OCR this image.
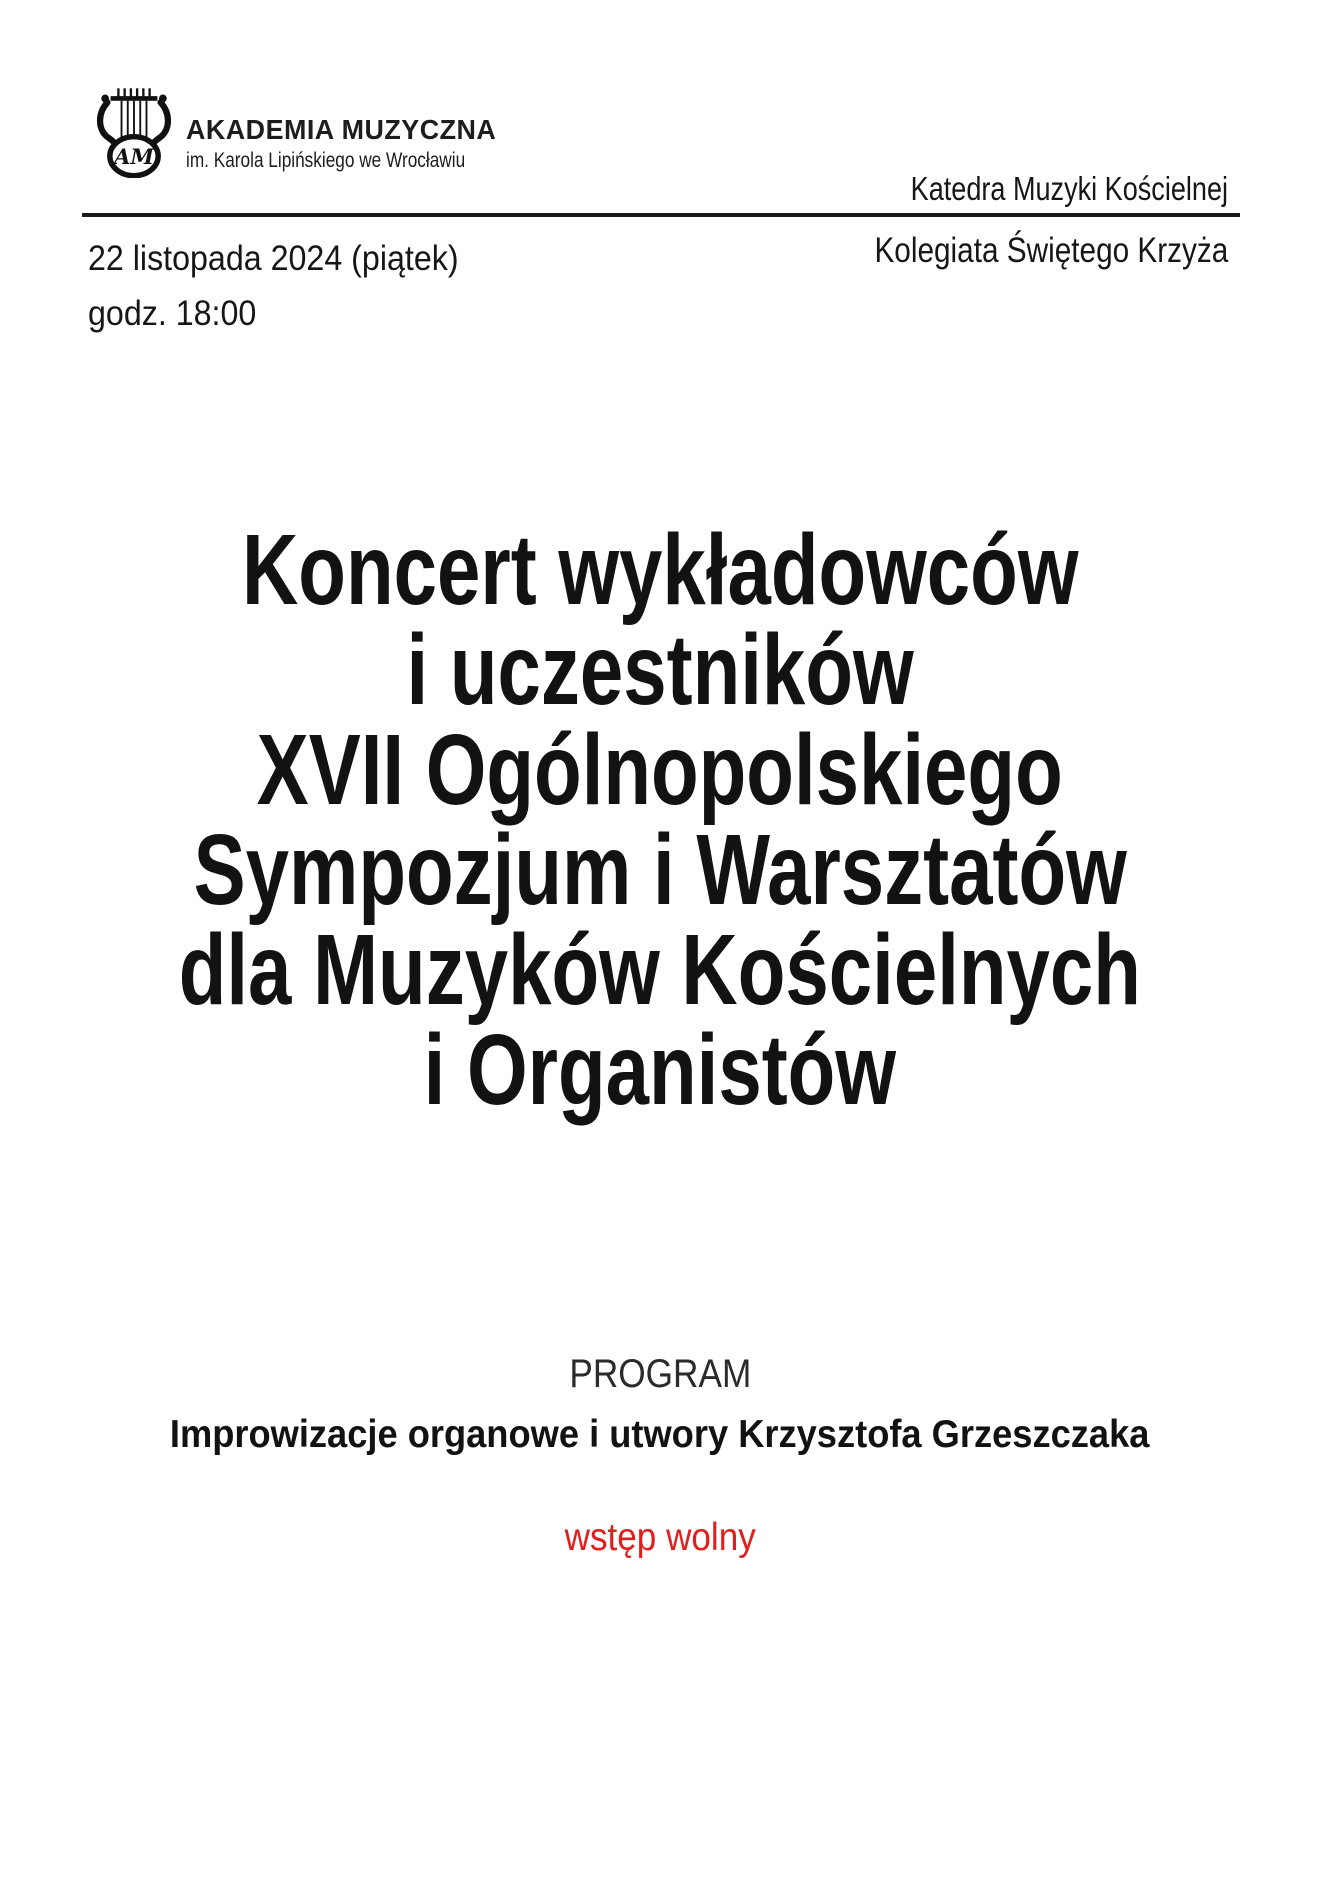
AM
AKADEMIA MUZYCZNA
im. Karola Lipińskiego we Wrocławiu
Katedra Muzyki Kościelnej
22 listopada 2024 (piątek)
godz. 18:00
Kolegiata Świętego Krzyża
Koncert wykładowców
i uczestników
XVII Ogólnopolskiego
Sympozjum i Warsztatów
dla Muzyków Kościelnych
i Organistów
PROGRAM
Improwizacje organowe i utwory Krzysztofa Grzeszczaka
wstęp wolny
